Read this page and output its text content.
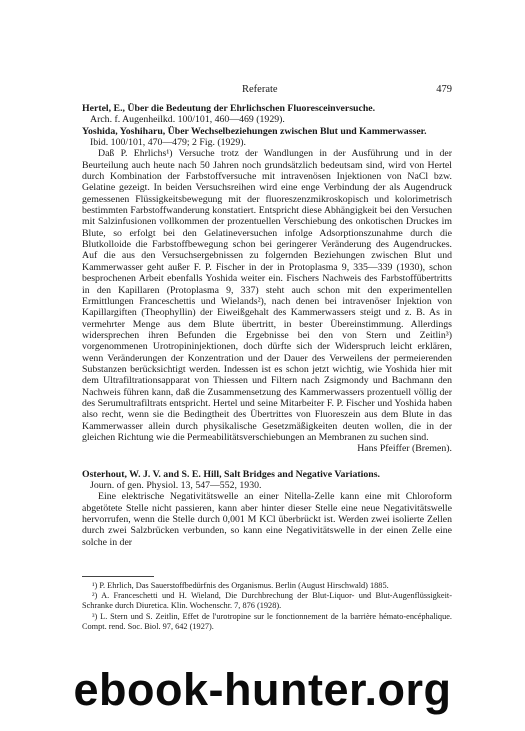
Referate	479

Hertel, E., Über die Bedeutung der Ehrlichschen Fluoresceinversuche.

Arch. f. Augenheilkd. 100/101, 460—469 (1929).

Yoshida, Yoshiharu, Über Wechselbeziehungen zwischen Blut und Kammerwasser.

Ibid. 100/101, 470—479; 2 Fig. (1929).

Daß P. Ehrlichs¹) Versuche trotz der Wandlungen in der Ausführung und in der Beurteilung auch heute nach 50 Jahren noch grundsätzlich bedeutsam sind, wird von Hertel durch Kombination der Farbstoffversuche mit intravenösen Injektionen von NaCl bzw. Gelatine gezeigt. In beiden Versuchsreihen wird eine enge Verbindung der als Augendruck gemessenen Flüssigkeitsbewegung mit der fluoreszenzmikroskopisch und kolorimetrisch bestimmten Farbstoffwanderung konstatiert. Entspricht diese Abhängigkeit bei den Versuchen mit Salzinfusionen vollkommen der prozentuellen Verschiebung des onkotischen Druckes im Blute, so erfolgt bei den Gelatineversuchen infolge Adsorptionszunahme durch die Blutkolloide die Farbstoffbewegung schon bei geringerer Veränderung des Augendruckes. Auf die aus den Versuchsergebnissen zu folgernden Beziehungen zwischen Blut und Kammerwasser geht außer F. P. Fischer in der in Protoplasma 9, 335—339 (1930), schon besprochenen Arbeit ebenfalls Yoshida weiter ein. Fischers Nachweis des Farbstoffübertritts in den Kapillaren (Protoplasma 9, 337) steht auch schon mit den experimentellen Ermittlungen Franceschettis und Wielands²), nach denen bei intravenöser Injektion von Kapillargiften (Theophyllin) der Eiweißgehalt des Kammerwassers steigt und z. B. As in vermehrter Menge aus dem Blute übertritt, in bester Übereinstimmung. Allerdings widersprechen ihren Befunden die Ergebnisse bei den von Stern und Zeitlin³) vorgenommenen Urotropininjektionen, doch dürfte sich der Widerspruch leicht erklären, wenn Veränderungen der Konzentration und der Dauer des Verweilens der permeierenden Substanzen berücksichtigt werden. Indessen ist es schon jetzt wichtig, wie Yoshida hier mit dem Ultrafiltrationsapparat von Thiessen und Filtern nach Zsigmondy und Bachmann den Nachweis führen kann, daß die Zusammensetzung des Kammerwassers prozentuell völlig der des Serumultrafiltrats entspricht. Hertel und seine Mitarbeiter F. P. Fischer und Yoshida haben also recht, wenn sie die Bedingtheit des Übertrittes von Fluoreszein aus dem Blute in das Kammerwasser allein durch physikalische Gesetzmäßigkeiten deuten wollen, die in der gleichen Richtung wie die Permeabilitätsverschiebungen an Membranen zu suchen sind.

Hans Pfeiffer (Bremen).

Osterhout, W. J. V. and S. E. Hill, Salt Bridges and Negative Variations.

Journ. of gen. Physiol. 13, 547—552, 1930.

Eine elektrische Negativitätswelle an einer Nitella-Zelle kann eine mit Chloroform abgetötete Stelle nicht passieren, kann aber hinter dieser Stelle eine neue Negativitätswelle hervorrufen, wenn die Stelle durch 0,001 M KCl überbrückt ist. Werden zwei isolierte Zellen durch zwei Salzbrücken verbunden, so kann eine Negativitätswelle in der einen Zelle eine solche in der

¹) P. Ehrlich, Das Sauerstoffbedürfnis des Organismus. Berlin (August Hirschwald) 1885.

²) A. Franceschetti und H. Wieland, Die Durchbrechung der Blut-Liquor- und Blut-Augenflüssigkeit-Schranke durch Diuretica. Klin. Wochenschr. 7, 876 (1928).

³) L. Stern und S. Zeitlin, Effet de l'urotropine sur le fonctionnement de la barrière hémato-encéphalique. Compt. rend. Soc. Biol. 97, 642 (1927).

ebook-hunter.org
